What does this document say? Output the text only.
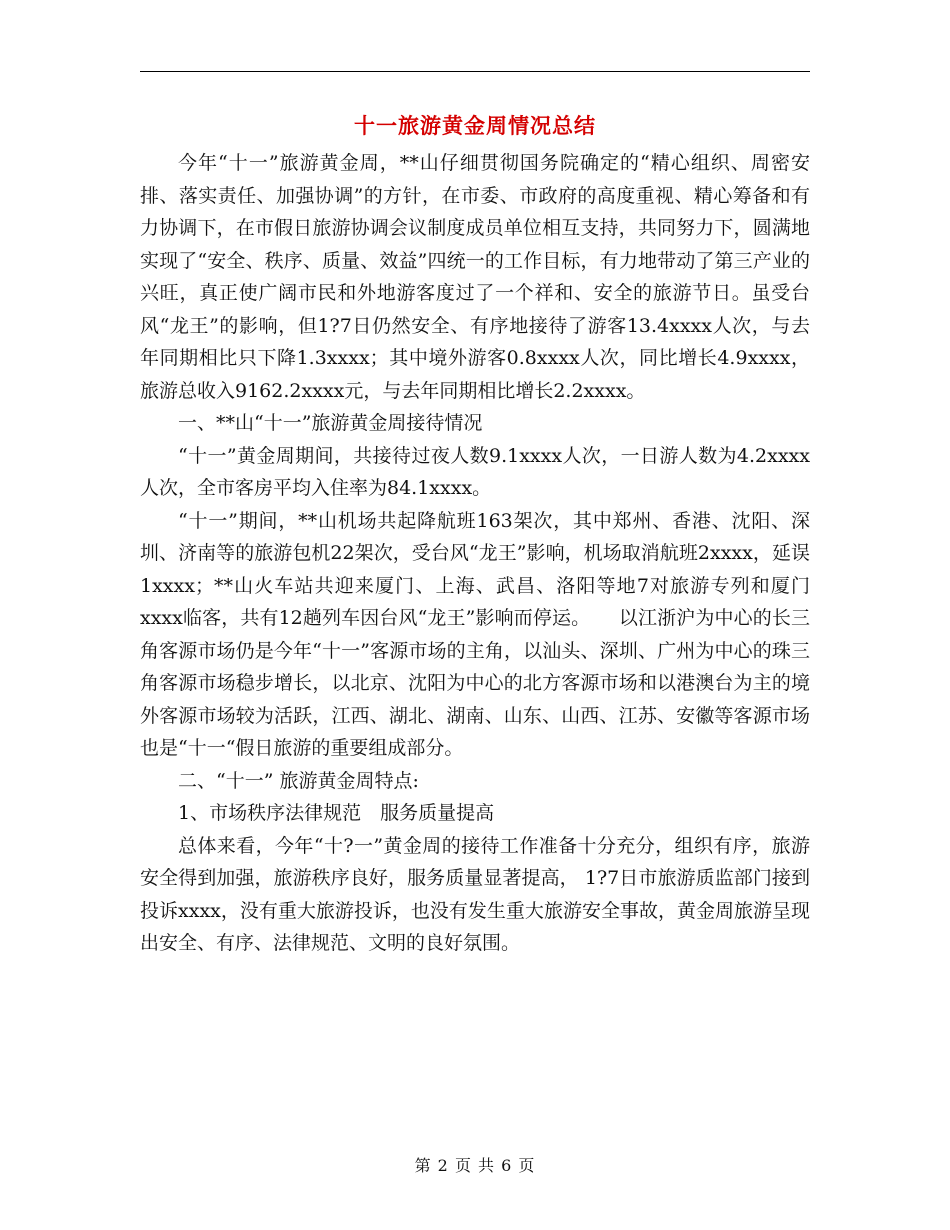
十一旅游黄金周情况总结

今年“十一”旅游黄金周，**山仔细贯彻国务院确定的“精心组织、周密安排、落实责任、加强协调”的方针，在市委、市政府的高度重视、精心筹备和有力协调下，在市假日旅游协调会议制度成员单位相互支持，共同努力下，圆满地实现了“安全、秩序、质量、效益”四统一的工作目标，有力地带动了第三产业的兴旺，真正使广阔市民和外地游客度过了一个祥和、安全的旅游节日。虽受台风“龙王”的影响，但1?7日仍然安全、有序地接待了游客13.4xxxx人次，与去年同期相比只下降1.3xxxx；其中境外游客0.8xxxx人次，同比增长4.9xxxx，旅游总收入9162.2xxxx元，与去年同期相比增长2.2xxxx。

一、**山“十一”旅游黄金周接待情况

“十一”黄金周期间，共接待过夜人数9.1xxxx人次，一日游人数为4.2xxxx人次，全市客房平均入住率为84.1xxxx。

“十一”期间，**山机场共起降航班163架次，其中郑州、香港、沈阳、深圳、济南等的旅游包机22架次，受台风“龙王”影响，机场取消航班2xxxx，延误1xxxx；**山火车站共迎来厦门、上海、武昌、洛阳等地7对旅游专列和厦门xxxx临客，共有12趟列车因台风“龙王”影响而停运。　　以江浙沪为中心的长三角客源市场仍是今年“十一”客源市场的主角，以汕头、深圳、广州为中心的珠三角客源市场稳步增长，以北京、沈阳为中心的北方客源市场和以港澳台为主的境外客源市场较为活跃，江西、湖北、湖南、山东、山西、江苏、安徽等客源市场也是“十一“假日旅游的重要组成部分。

二、“十一” 旅游黄金周特点:

1、市场秩序法律规范　服务质量提高

总体来看，今年“十?一”黄金周的接待工作准备十分充分，组织有序，旅游安全得到加强，旅游秩序良好，服务质量显著提高， 1?7日市旅游质监部门接到投诉xxxx，没有重大旅游投诉，也没有发生重大旅游安全事故，黄金周旅游呈现出安全、有序、法律规范、文明的良好氛围。

第 2 页 共 6 页
